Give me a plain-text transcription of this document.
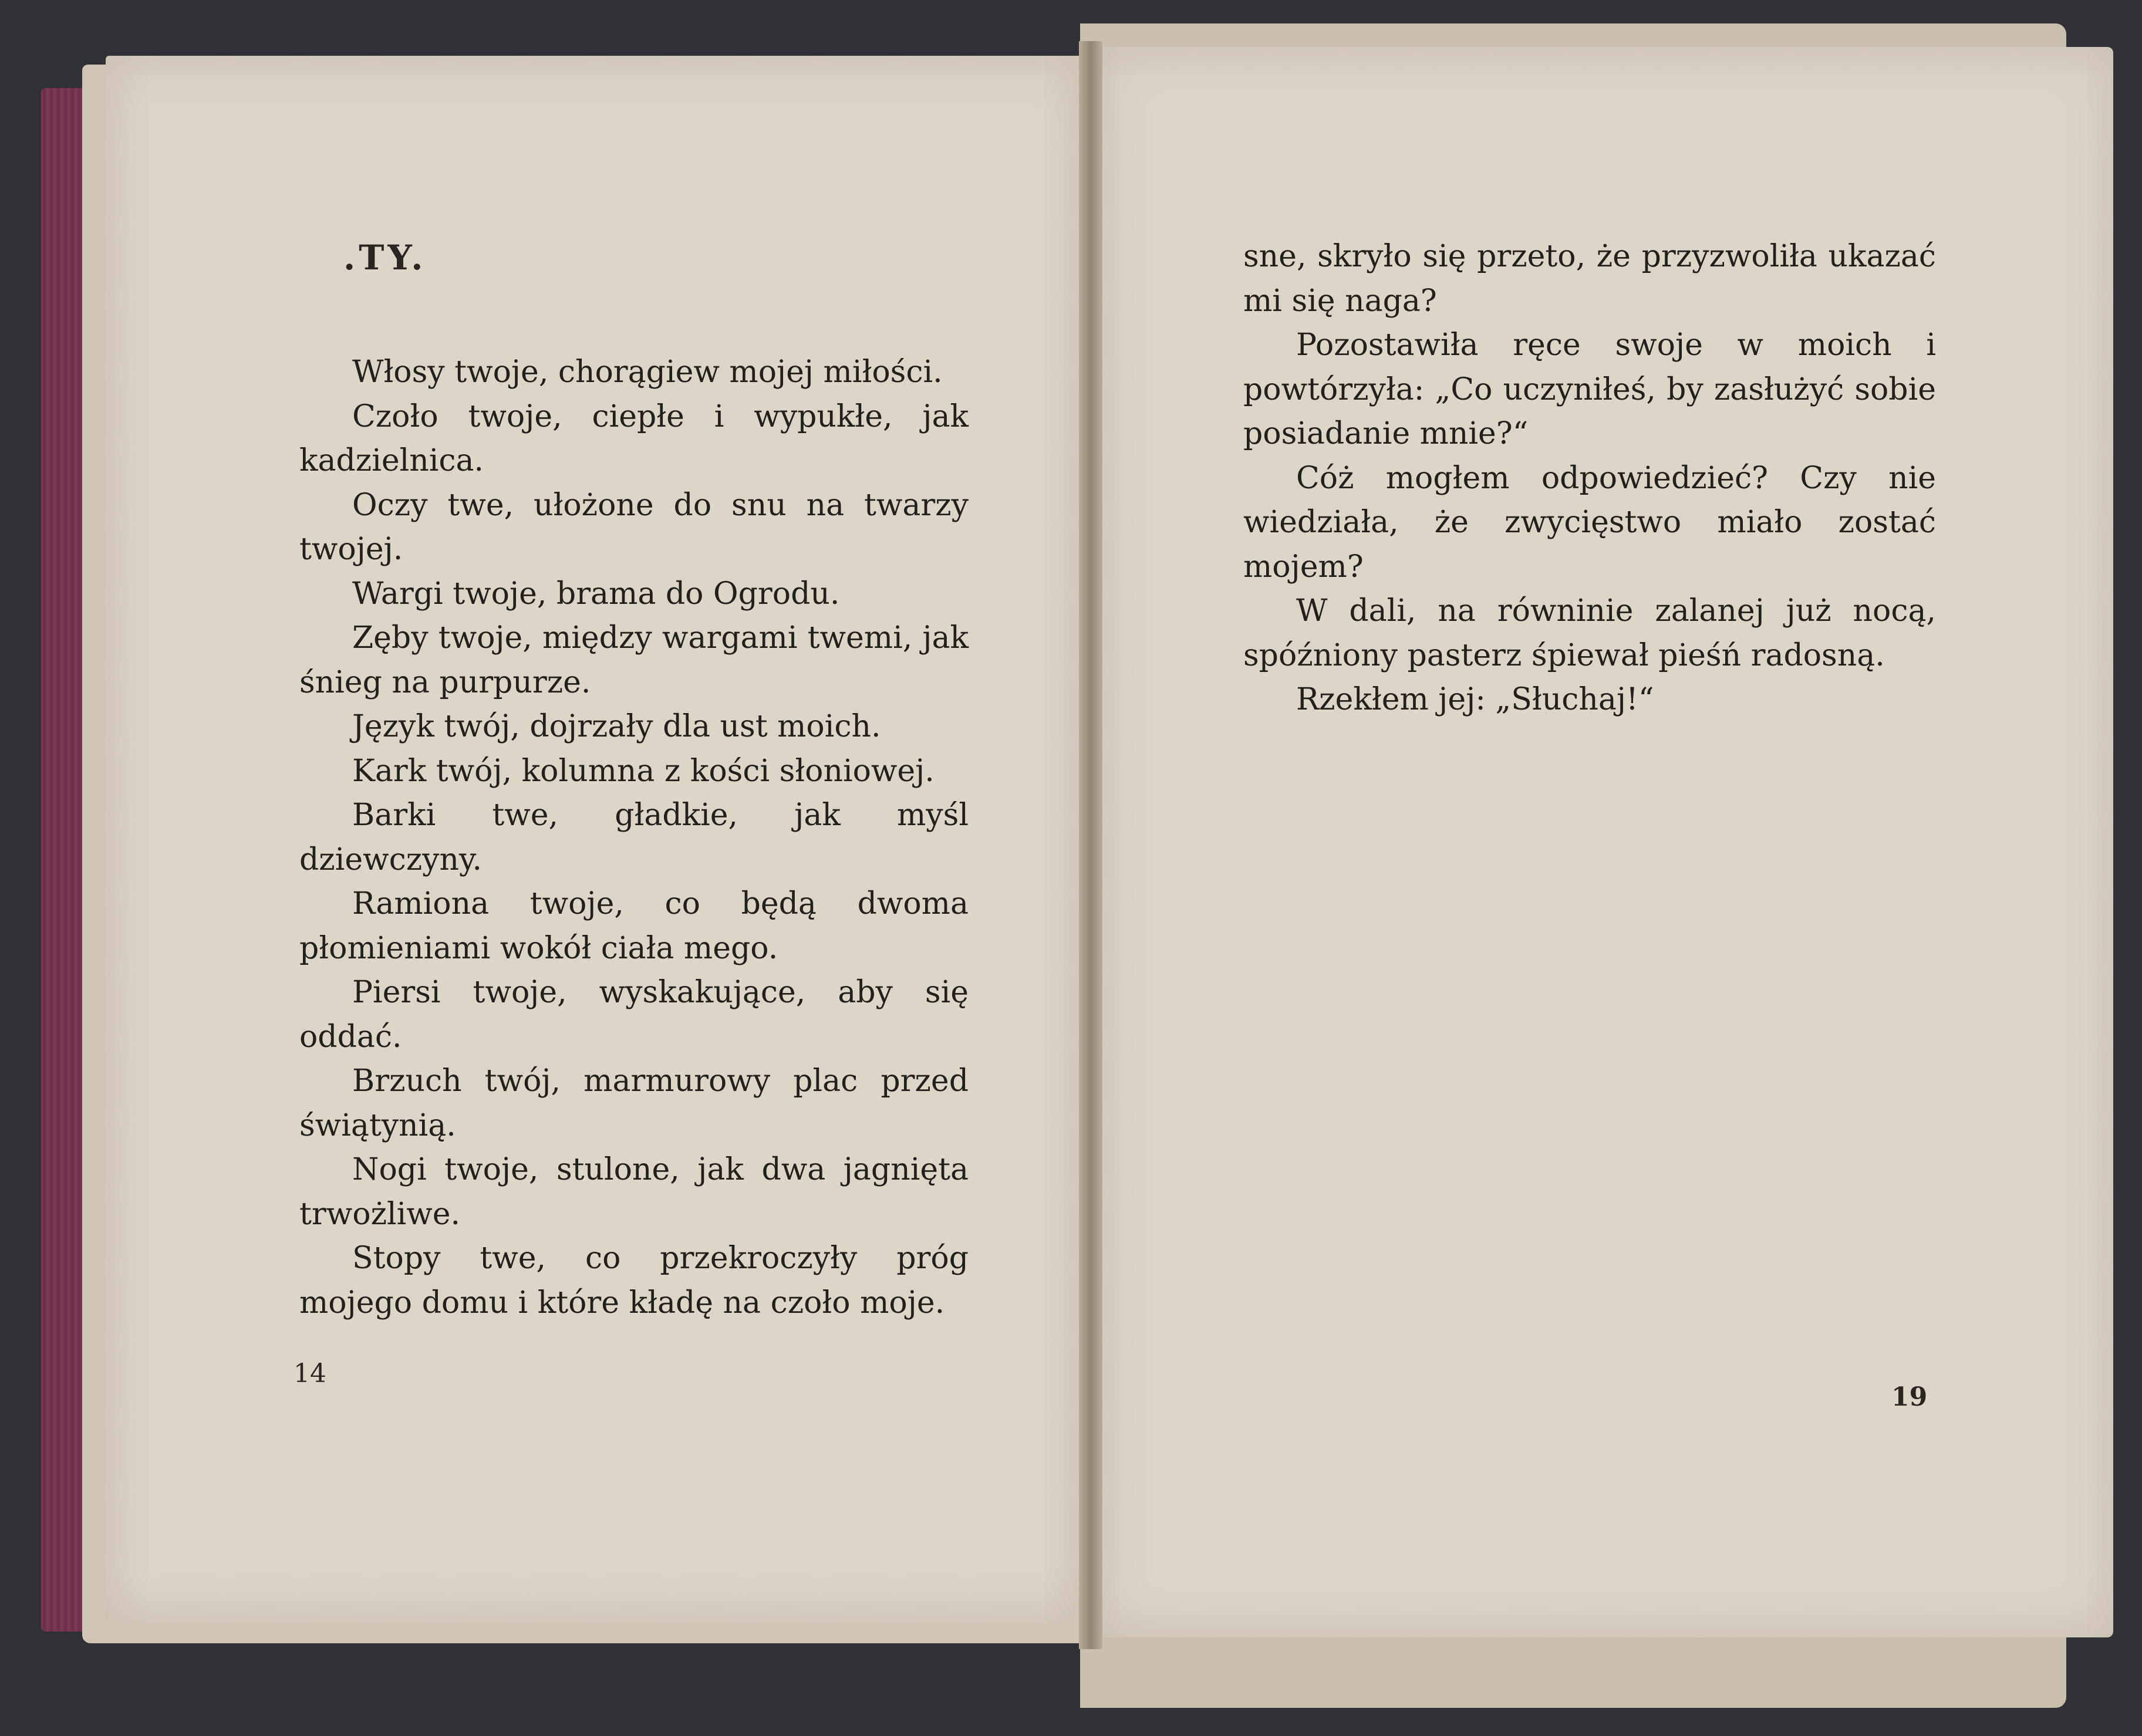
.TY.

Włosy twoje, chorągiew mojej miłości.

Czoło twoje, ciepłe i wypukłe, jak kadzielnica.

Oczy twe, ułożone do snu na twarzy twojej.

Wargi twoje, brama do Ogrodu.

Zęby twoje, między wargami twemi, jak śnieg na purpurze.

Język twój, dojrzały dla ust moich.

Kark twój, kolumna z kości słoniowej.

Barki twe, gładkie, jak myśl dziewczyny.

Ramiona twoje, co będą dwoma płomieniami wokół ciała mego.

Piersi twoje, wyskakujące, aby się oddać.

Brzuch twój, marmurowy plac przed świątynią.

Nogi twoje, stulone, jak dwa jagnięta trwożliwe.

Stopy twe, co przekroczyły próg mojego domu i które kładę na czoło moje.

14

sne, skryło się przeto, że przyzwoliła ukazać mi się naga?

Pozostawiła ręce swoje w moich i powtórzyła: „Co uczyniłeś, by zasłużyć sobie posiadanie mnie?“

Cóż mogłem odpowiedzieć? Czy nie wiedziała, że zwycięstwo miało zostać mojem?

W dali, na równinie zalanej już nocą, spóźniony pasterz śpiewał pieśń radosną.

Rzekłem jej: „Słuchaj!“

19
